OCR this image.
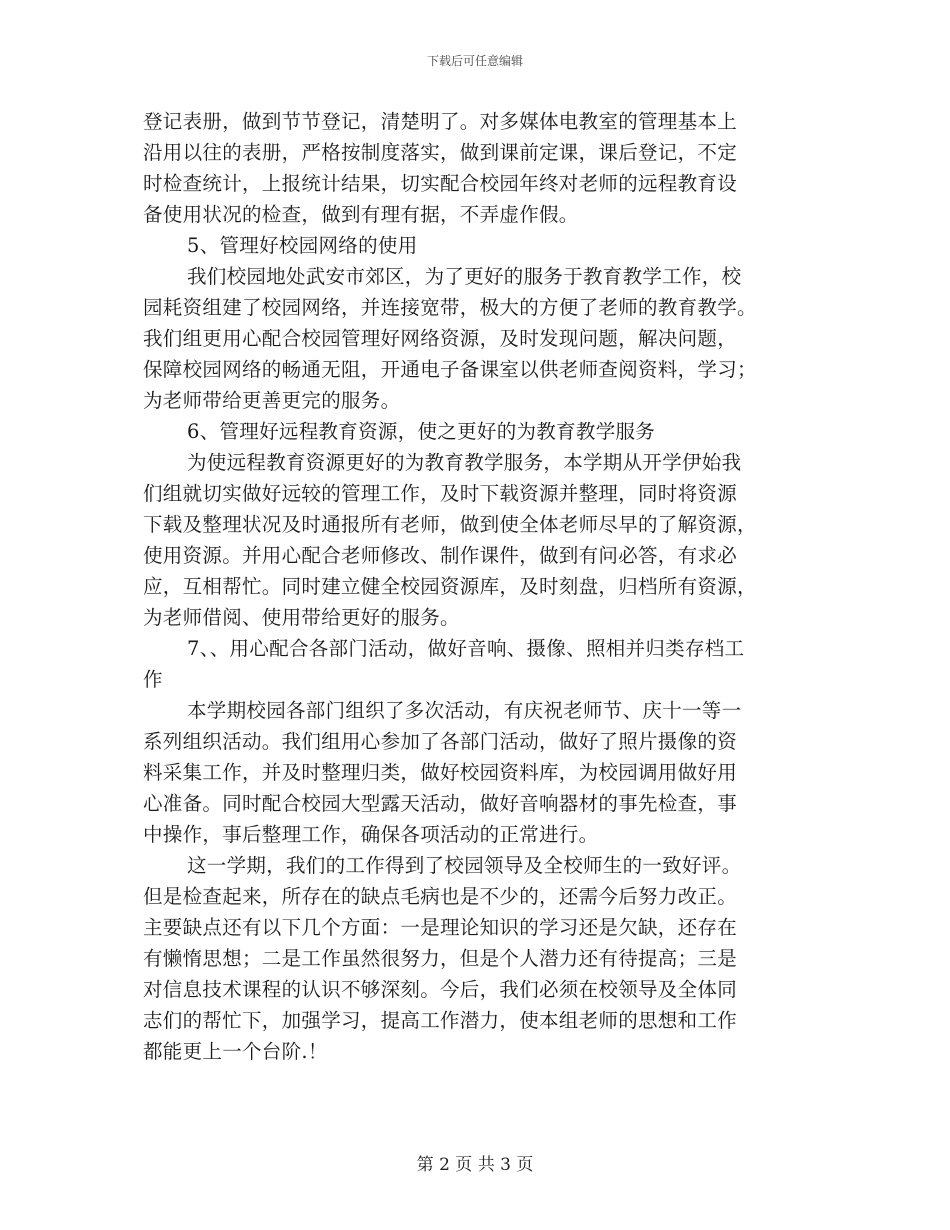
下载后可任意编辑
登记表册，做到节节登记，清楚明了。对多媒体电教室的管理基本上
沿用以往的表册，严格按制度落实，做到课前定课，课后登记，不定
时检查统计，上报统计结果，切实配合校园年终对老师的远程教育设
备使用状况的检查，做到有理有据，不弄虚作假。
5、管理好校园网络的使用
我们校园地处武安市郊区，为了更好的服务于教育教学工作，校
园耗资组建了校园网络，并连接宽带，极大的方便了老师的教育教学。
我们组更用心配合校园管理好网络资源，及时发现问题，解决问题，
保障校园网络的畅通无阻，开通电子备课室以供老师查阅资料，学习；
为老师带给更善更完的服务。
6、管理好远程教育资源，使之更好的为教育教学服务
为使远程教育资源更好的为教育教学服务，本学期从开学伊始我
们组就切实做好远较的管理工作，及时下载资源并整理，同时将资源
下载及整理状况及时通报所有老师，做到使全体老师尽早的了解资源，
使用资源。并用心配合老师修改、制作课件，做到有问必答，有求必
应，互相帮忙。同时建立健全校园资源库，及时刻盘，归档所有资源，
为老师借阅、使用带给更好的服务。
7、、用心配合各部门活动，做好音响、摄像、照相并归类存档工
作
本学期校园各部门组织了多次活动，有庆祝老师节、庆十一等一
系列组织活动。我们组用心参加了各部门活动，做好了照片摄像的资
料采集工作，并及时整理归类，做好校园资料库，为校园调用做好用
心准备。同时配合校园大型露天活动，做好音响器材的事先检查，事
中操作，事后整理工作，确保各项活动的正常进行。
这一学期，我们的工作得到了校园领导及全校师生的一致好评。
但是检查起来，所存在的缺点毛病也是不少的，还需今后努力改正。
主要缺点还有以下几个方面：一是理论知识的学习还是欠缺，还存在
有懒惰思想；二是工作虽然很努力，但是个人潜力还有待提高；三是
对信息技术课程的认识不够深刻。今后，我们必须在校领导及全体同
志们的帮忙下，加强学习，提高工作潜力，使本组老师的思想和工作
都能更上一个台阶.！
第 2 页 共 3 页
